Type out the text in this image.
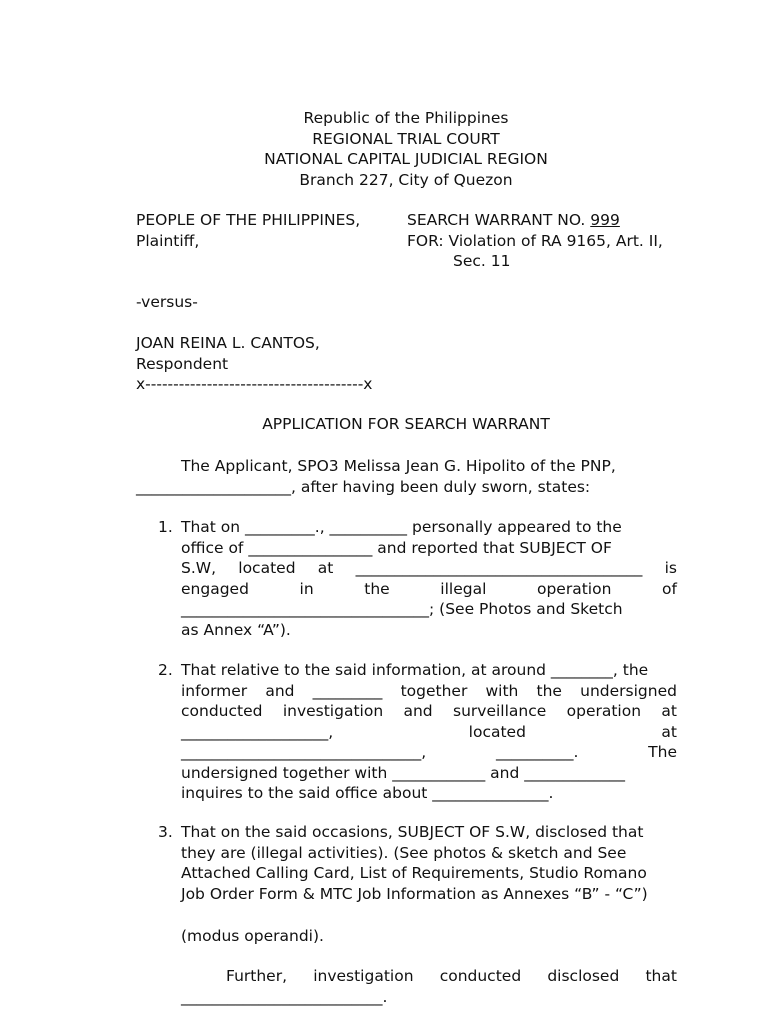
Republic of the Philippines

REGIONAL TRIAL COURT

NATIONAL CAPITAL JUDICIAL REGION

Branch 227, City of Quezon

PEOPLE OF THE PHILIPPINES,

Plaintiff,

SEARCH WARRANT NO. 999

FOR: Violation of RA 9165, Art. II,

Sec. 11

-versus-

JOAN REINA L. CANTOS,

Respondent

x---------------------------------------x

APPLICATION FOR SEARCH WARRANT
The Applicant, SPO3 Melissa Jean G. Hipolito of the PNP,
____________________, after having been duly sworn, states:
1. That on _________., __________ personally appeared to the
office of ________________ and reported that SUBJECT OF
S.W, located at _____________________________________ is
engaged	in	the	illegal	operation	of
________________________________; (See Photos and Sketch
as Annex “A”).
2. That relative to the said information, at around ________, the
informer and _________ together with the undersigned
conducted investigation and surveillance operation at
___________________,	located	at
_______________________________,	__________.	The
undersigned together with ____________ and _____________
inquires to the said office about _______________.
3. That on the said occasions, SUBJECT OF S.W, disclosed that
they are (illegal activities). (See photos & sketch and See
Attached Calling Card, List of Requirements, Studio Romano
Job Order Form & MTC Job Information as Annexes “B” - “C”)
(modus operandi).
Further, investigation conducted disclosed that
__________________________.
